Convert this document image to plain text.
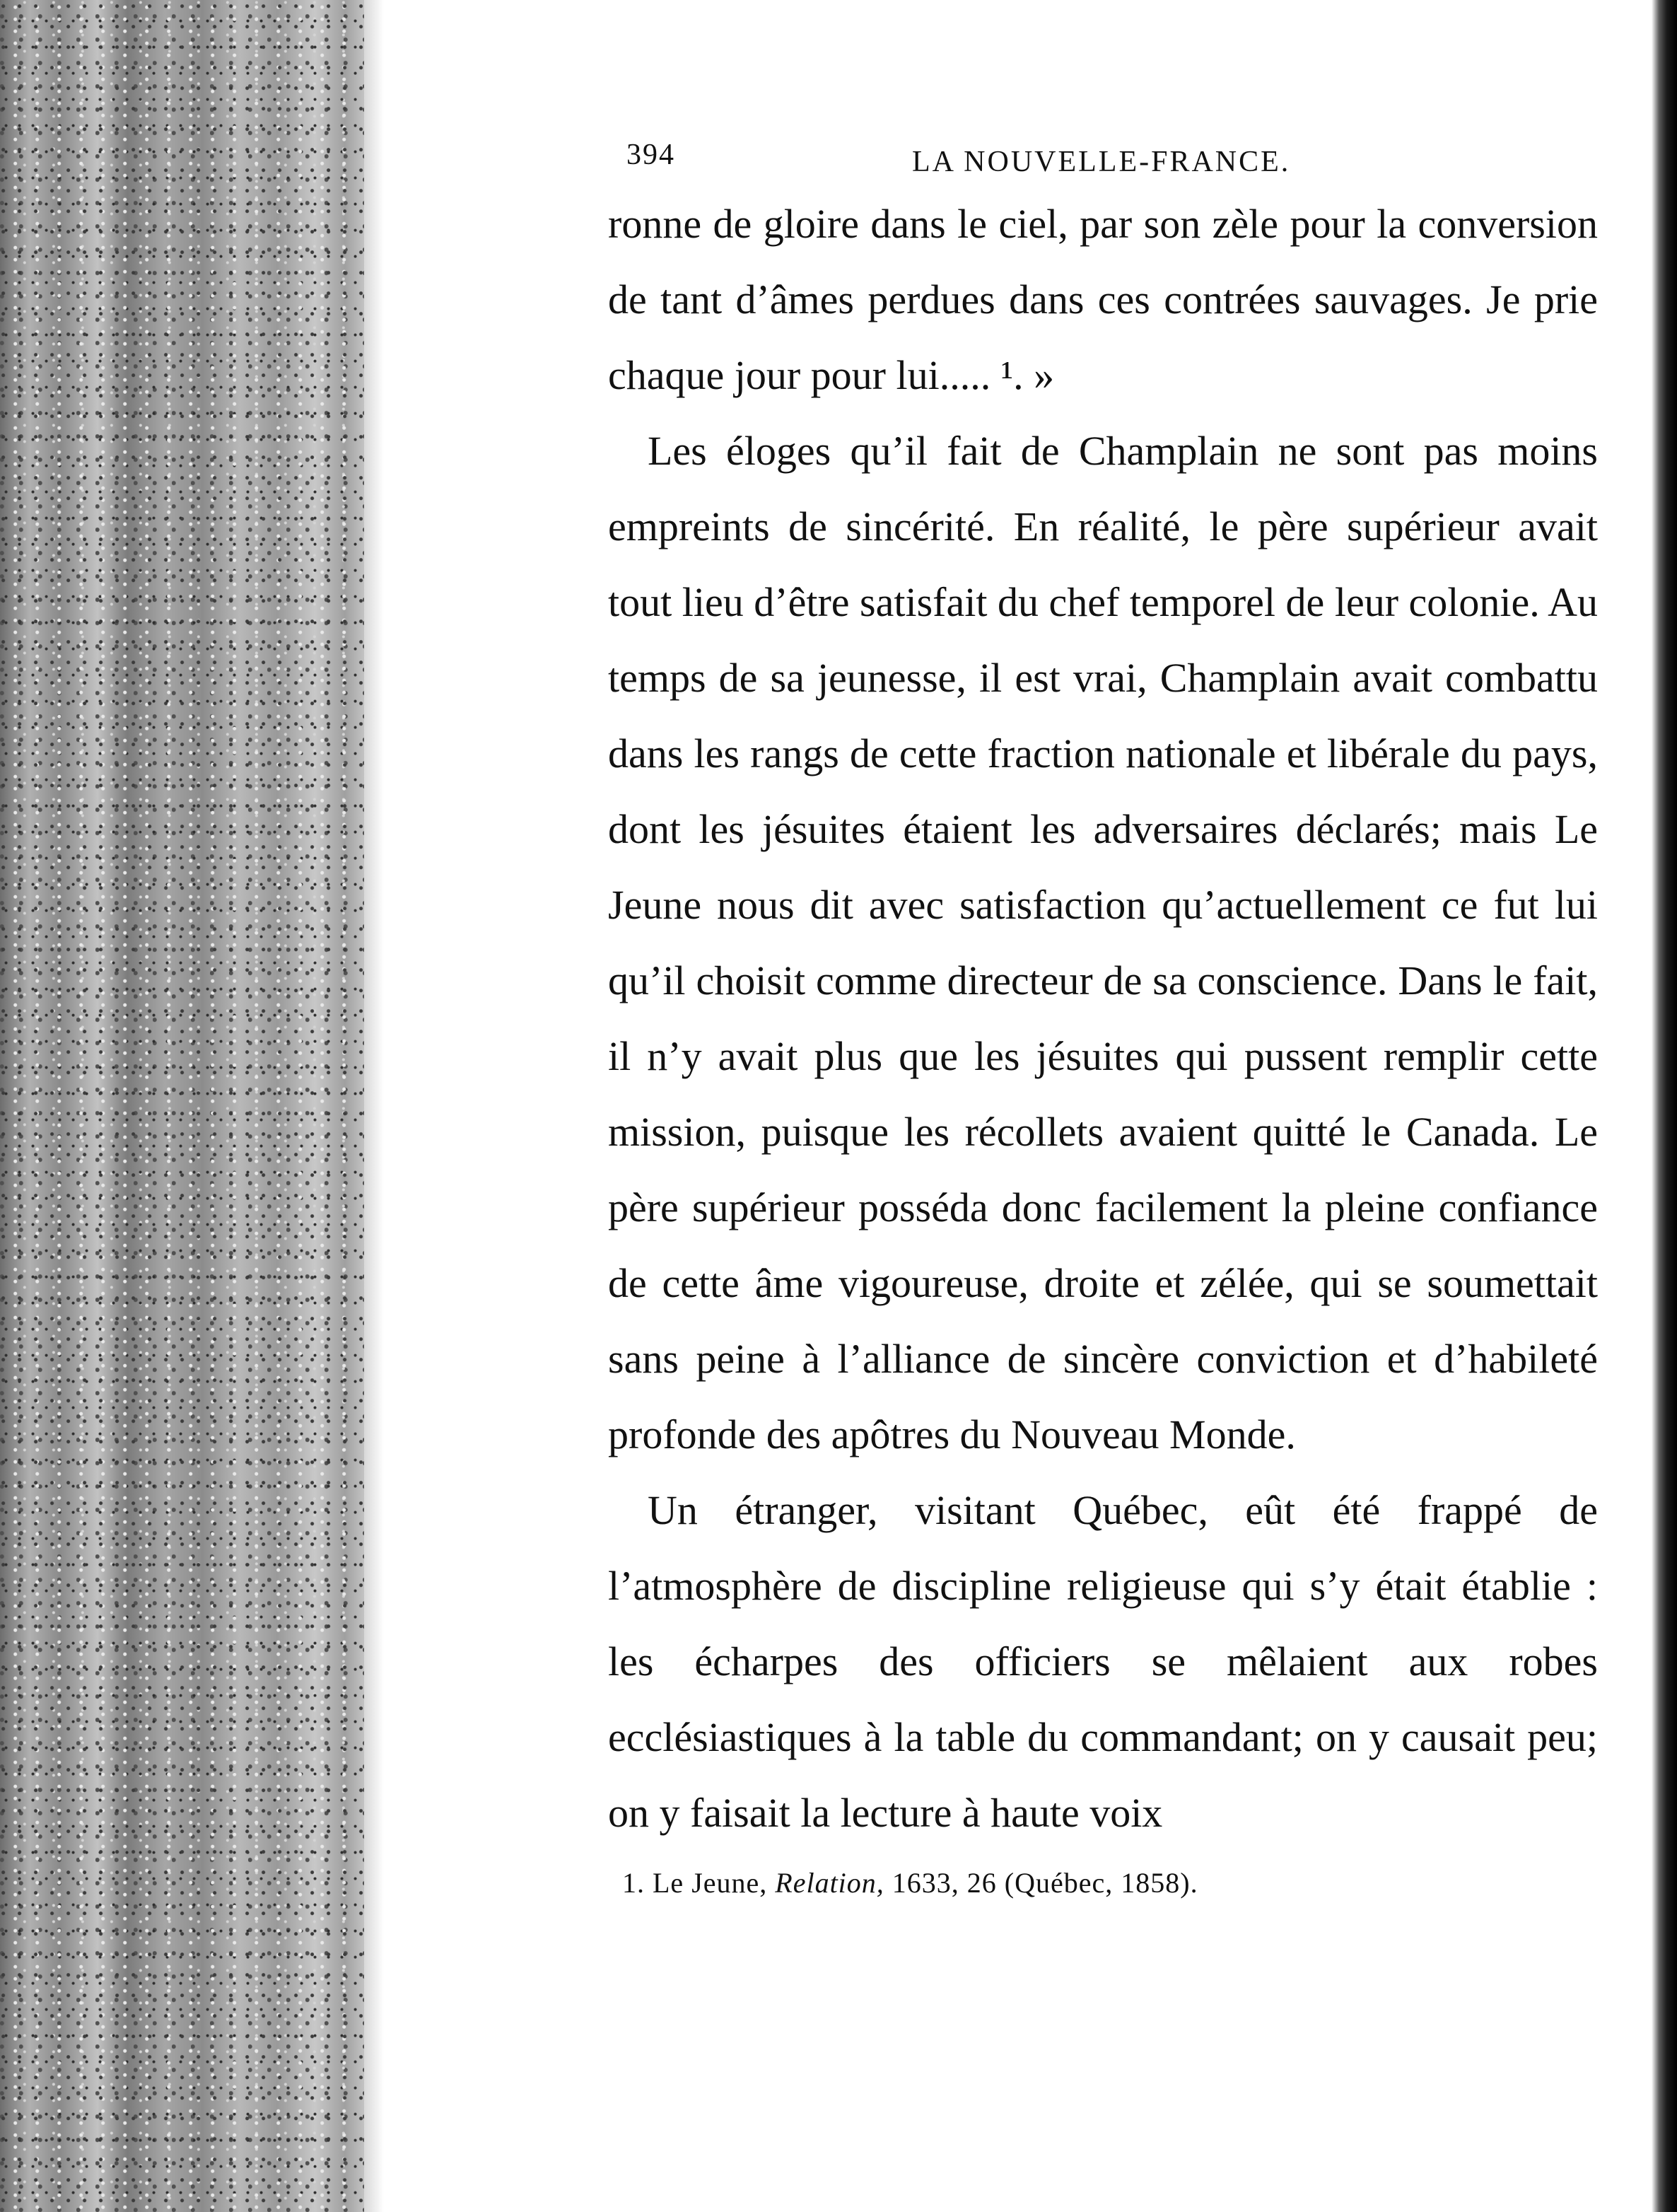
394	LA NOUVELLE-FRANCE.

ronne de gloire dans le ciel, par son zèle pour la conversion de tant d’âmes perdues dans ces contrées sauvages. Je prie chaque jour pour lui..... ¹. »

Les éloges qu’il fait de Champlain ne sont pas moins empreints de sincérité. En réalité, le père supérieur avait tout lieu d’être satisfait du chef temporel de leur colonie. Au temps de sa jeunesse, il est vrai, Champlain avait combattu dans les rangs de cette fraction nationale et libérale du pays, dont les jésuites étaient les adversaires déclarés; mais Le Jeune nous dit avec satisfaction qu’actuellement ce fut lui qu’il choisit comme directeur de sa conscience. Dans le fait, il n’y avait plus que les jésuites qui pussent remplir cette mission, puisque les récollets avaient quitté le Canada. Le père supérieur posséda donc facilement la pleine confiance de cette âme vigoureuse, droite et zélée, qui se soumettait sans peine à l’alliance de sincère conviction et d’habileté profonde des apôtres du Nouveau Monde.

Un étranger, visitant Québec, eût été frappé de l’atmosphère de discipline religieuse qui s’y était établie : les écharpes des officiers se mêlaient aux robes ecclésiastiques à la table du commandant; on y causait peu; on y faisait la lecture à haute voix

1. Le Jeune, Relation, 1633, 26 (Québec, 1858).
